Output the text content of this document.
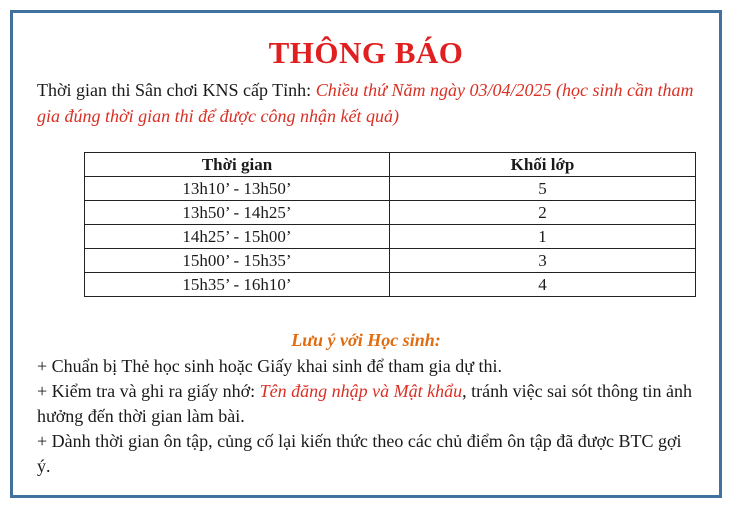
THÔNG BÁO
Thời gian thi Sân chơi KNS cấp Tỉnh: Chiều thứ Năm ngày 03/04/2025 (học sinh cần tham gia đúng thời gian thi để được công nhận kết quả)
Thời gian	Khối lớp
13h10’ - 13h50’	5
13h50’ - 14h25’	2
14h25’ - 15h00’	1
15h00’ - 15h35’	3
15h35’ - 16h10’	4
Lưu ý với Học sinh:

+ Chuẩn bị Thẻ học sinh hoặc Giấy khai sinh để tham gia dự thi.

+ Kiểm tra và ghi ra giấy nhớ: Tên đăng nhập và Mật khẩu, tránh việc sai sót thông tin ảnh hưởng đến thời gian làm bài.

+ Dành thời gian ôn tập, củng cố lại kiến thức theo các chủ điểm ôn tập đã được BTC gợi ý.
